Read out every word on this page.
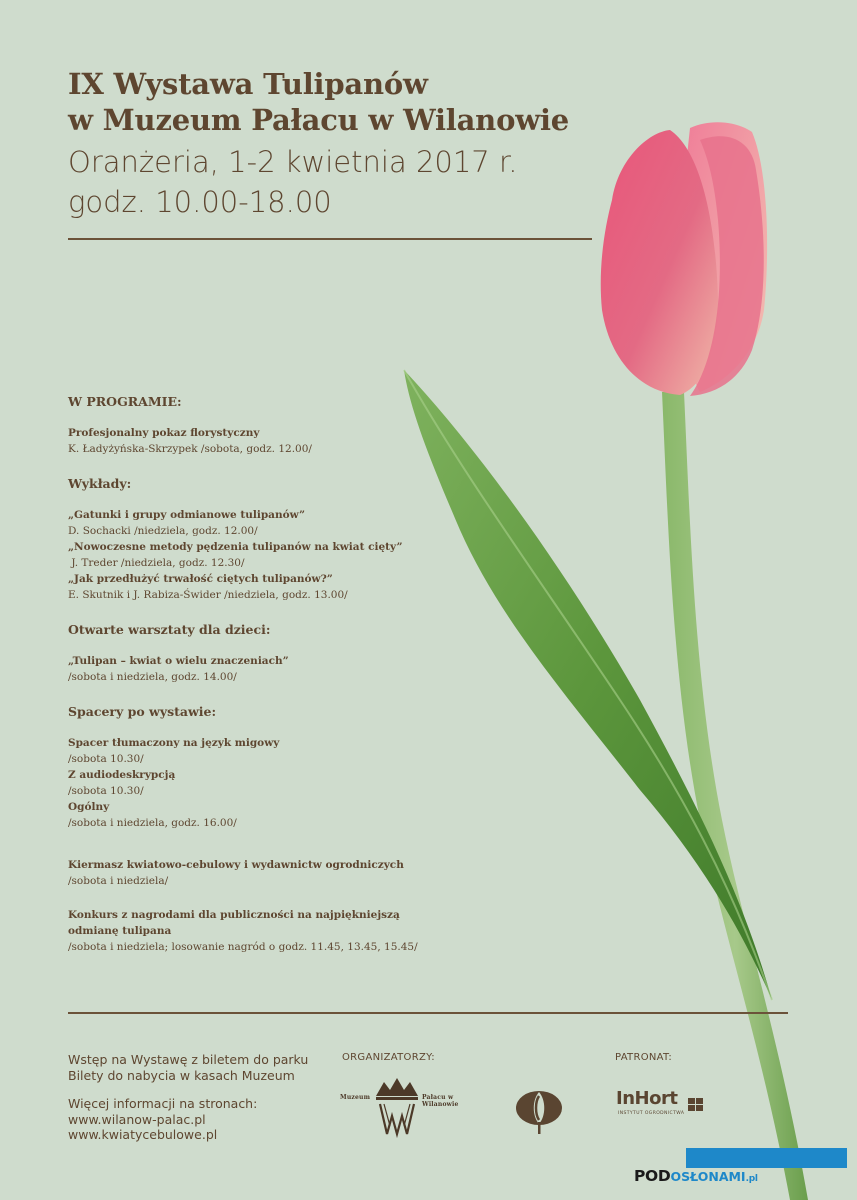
IX Wystawa Tulipanów
w Muzeum Pałacu w Wilanowie
Oranżeria, 1-2 kwietnia 2017 r.
godz. 10.00-18.00
W PROGRAMIE:
Profesjonalny pokaz florystyczny
K. Ładyżyńska-Skrzypek /sobota, godz. 12.00/
Wykłady:
„Gatunki i grupy odmianowe tulipanów”
D. Sochacki /niedziela, godz. 12.00/
„Nowoczesne metody pędzenia tulipanów na kwiat cięty”
J. Treder /niedziela, godz. 12.30/
„Jak przedłużyć trwałość ciętych tulipanów?”
E. Skutnik i J. Rabiza-Świder /niedziela, godz. 13.00/
Otwarte warsztaty dla dzieci:
„Tulipan – kwiat o wielu znaczeniach”
/sobota i niedziela, godz. 14.00/
Spacery po wystawie:
Spacer tłumaczony na język migowy
/sobota 10.30/
Z audiodeskrypcją
/sobota 10.30/
Ogólny
/sobota i niedziela, godz. 16.00/
Kiermasz kwiatowo-cebulowy i wydawnictw ogrodniczych
/sobota i niedziela/
Konkurs z nagrodami dla publiczności na najpiękniejszą
odmianę tulipana
/sobota i niedziela; losowanie nagród o godz. 11.45, 13.45, 15.45/
Wstęp na Wystawę z biletem do parku
Bilety do nabycia w kasach Muzeum
Więcej informacji na stronach:
www.wilanow-palac.pl
www.kwiatycebulowe.pl
ORGANIZATORZY:	PATRONAT:
Muzeum	Pałacu w Wilanowie	InHort
INSTYTUT OGRODNICTWA
PODOSŁONAMI.pl
